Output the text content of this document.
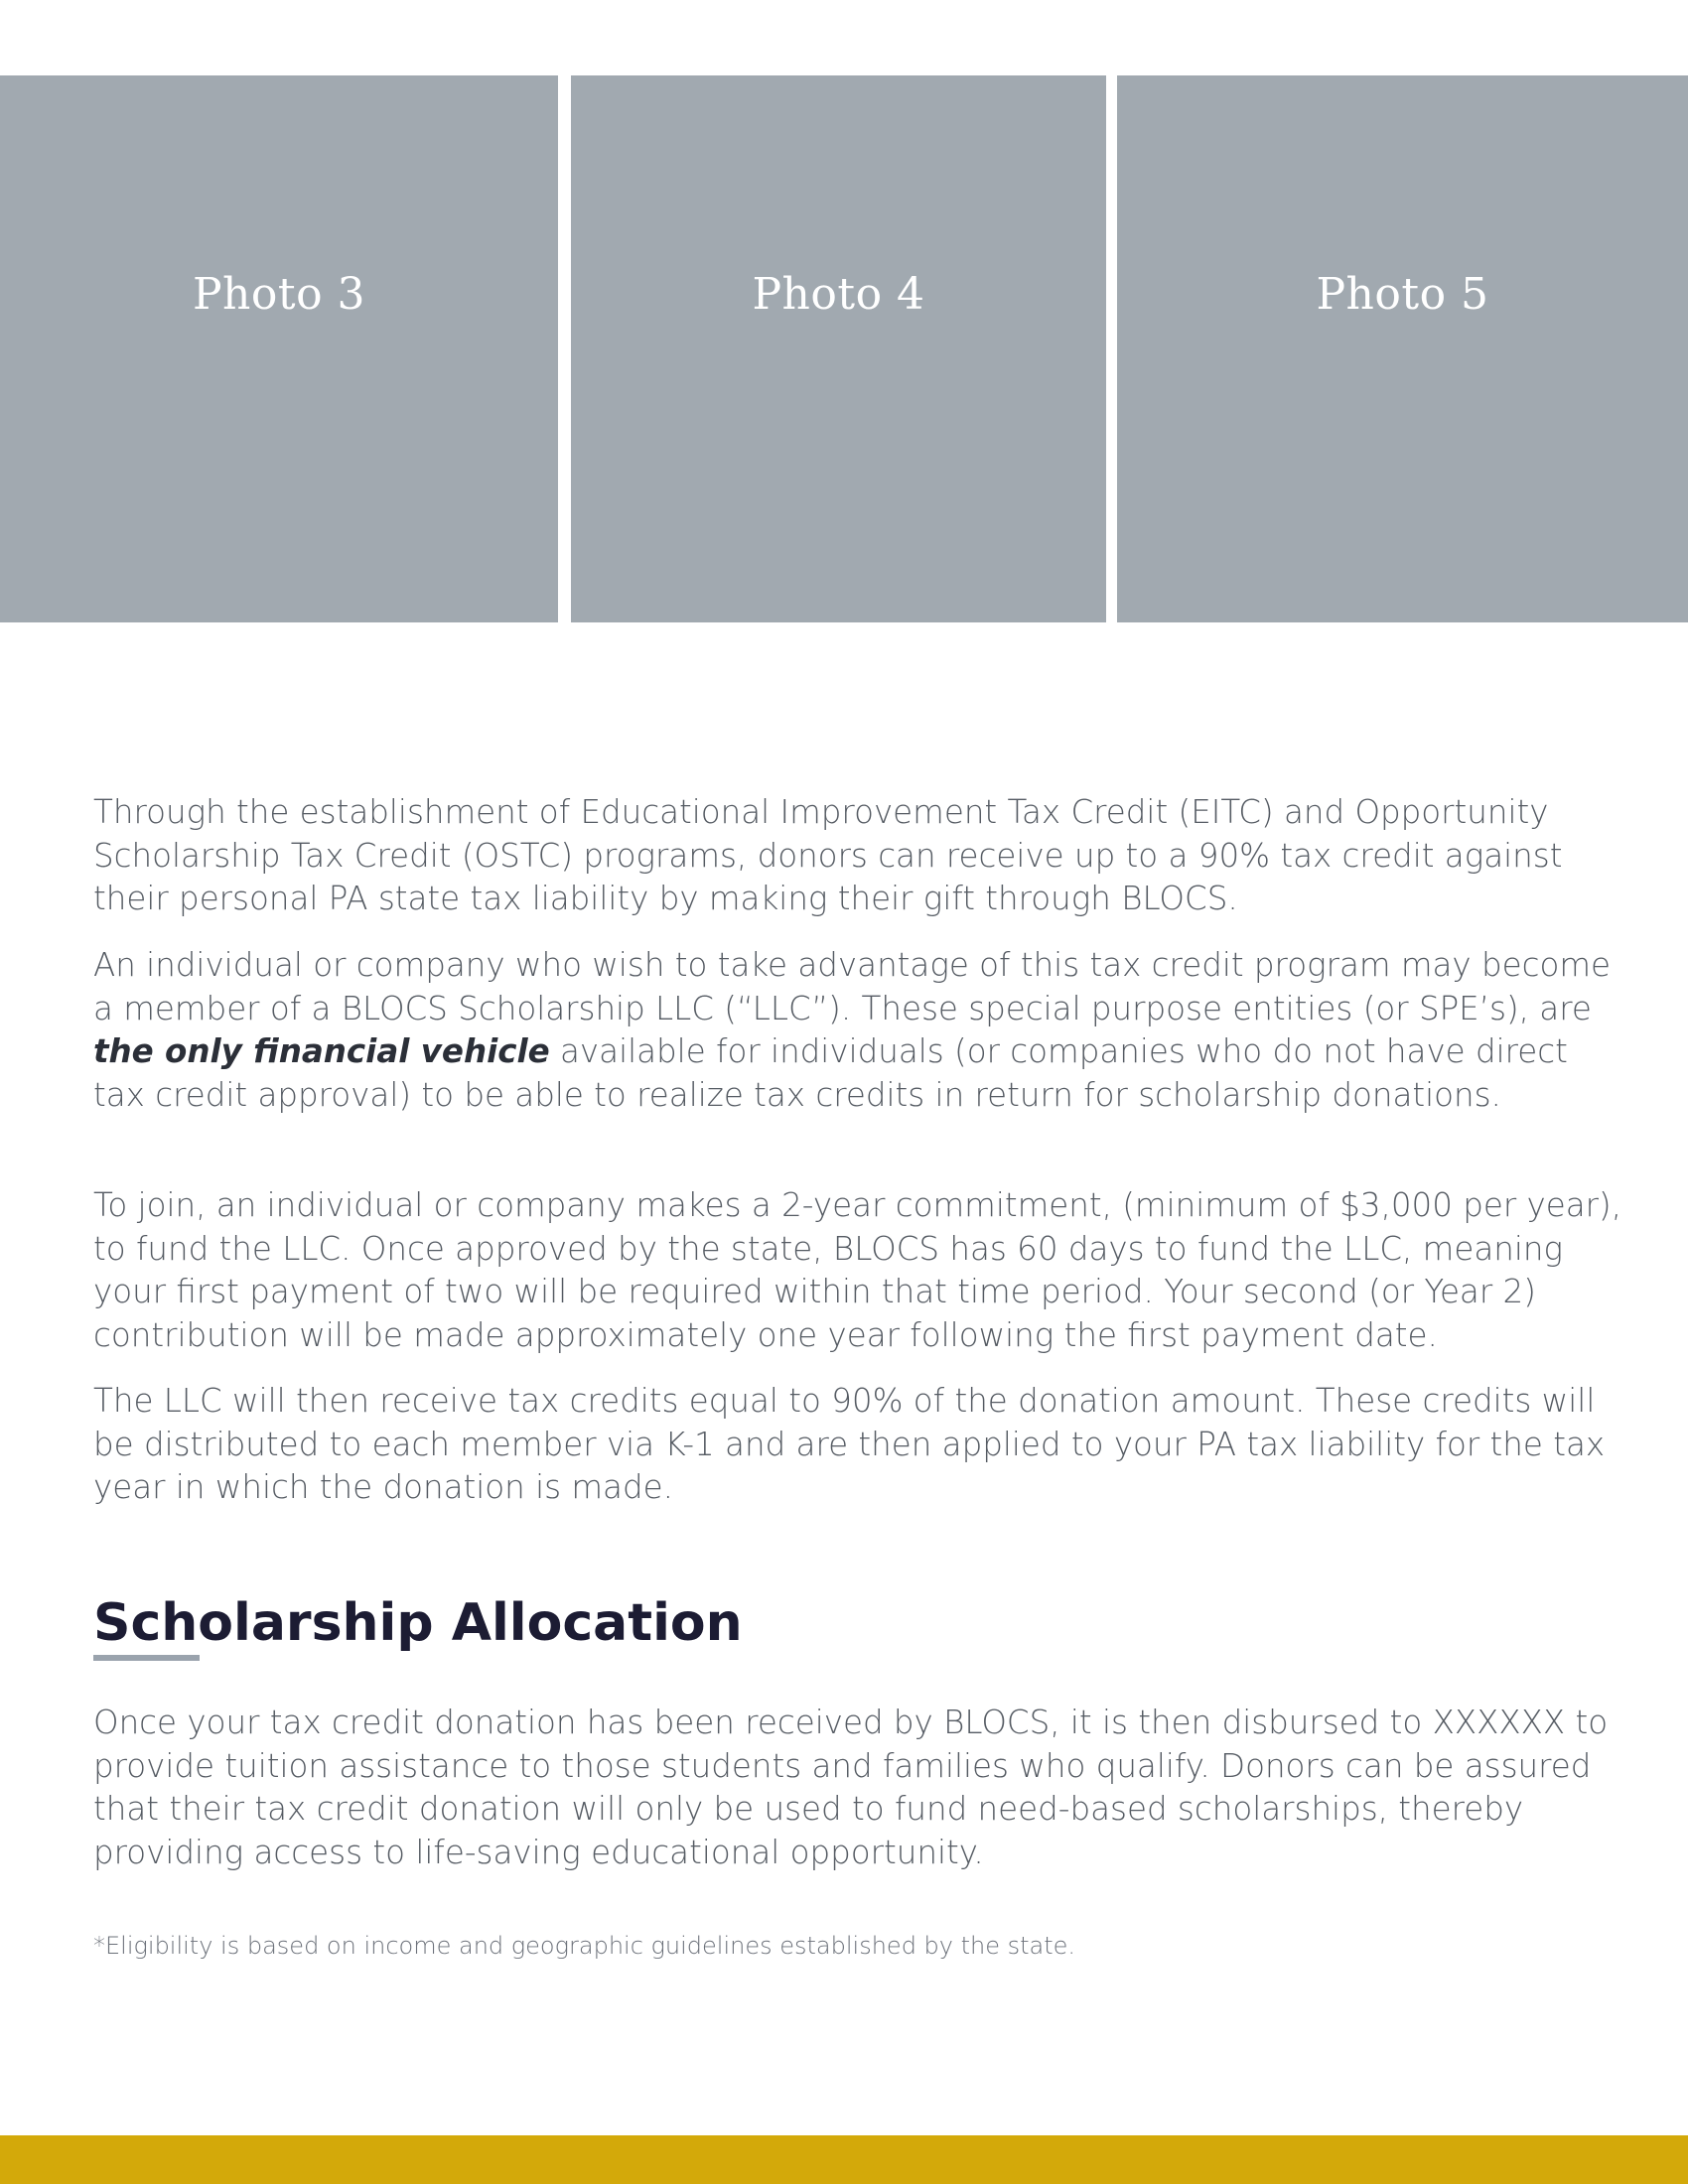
Photo 3	Photo 4	Photo 5

Through the establishment of Educational Improvement Tax Credit (EITC) and Opportunity Scholarship Tax Credit (OSTC) programs, donors can receive up to a 90% tax credit against their personal PA state tax liability by making their gift through BLOCS.

An individual or company who wish to take advantage of this tax credit program may become a member of a BLOCS Scholarship LLC (“LLC”). These special purpose entities (or SPE’s), are the only financial vehicle available for individuals (or companies who do not have direct tax credit approval) to be able to realize tax credits in return for scholarship donations.

To join, an individual or company makes a 2-year commitment, (minimum of $3,000 per year), to fund the LLC. Once approved by the state, BLOCS has 60 days to fund the LLC, meaning your first payment of two will be required within that time period. Your second (or Year 2) contribution will be made approximately one year following the first payment date.

The LLC will then receive tax credits equal to 90% of the donation amount. These credits will be distributed to each member via K-1 and are then applied to your PA tax liability for the tax year in which the donation is made.

Scholarship Allocation

Once your tax credit donation has been received by BLOCS, it is then disbursed to XXXXXX to provide tuition assistance to those students and families who qualify. Donors can be assured that their tax credit donation will only be used to fund need-based scholarships, thereby providing access to life-saving educational opportunity.

*Eligibility is based on income and geographic guidelines established by the state.
